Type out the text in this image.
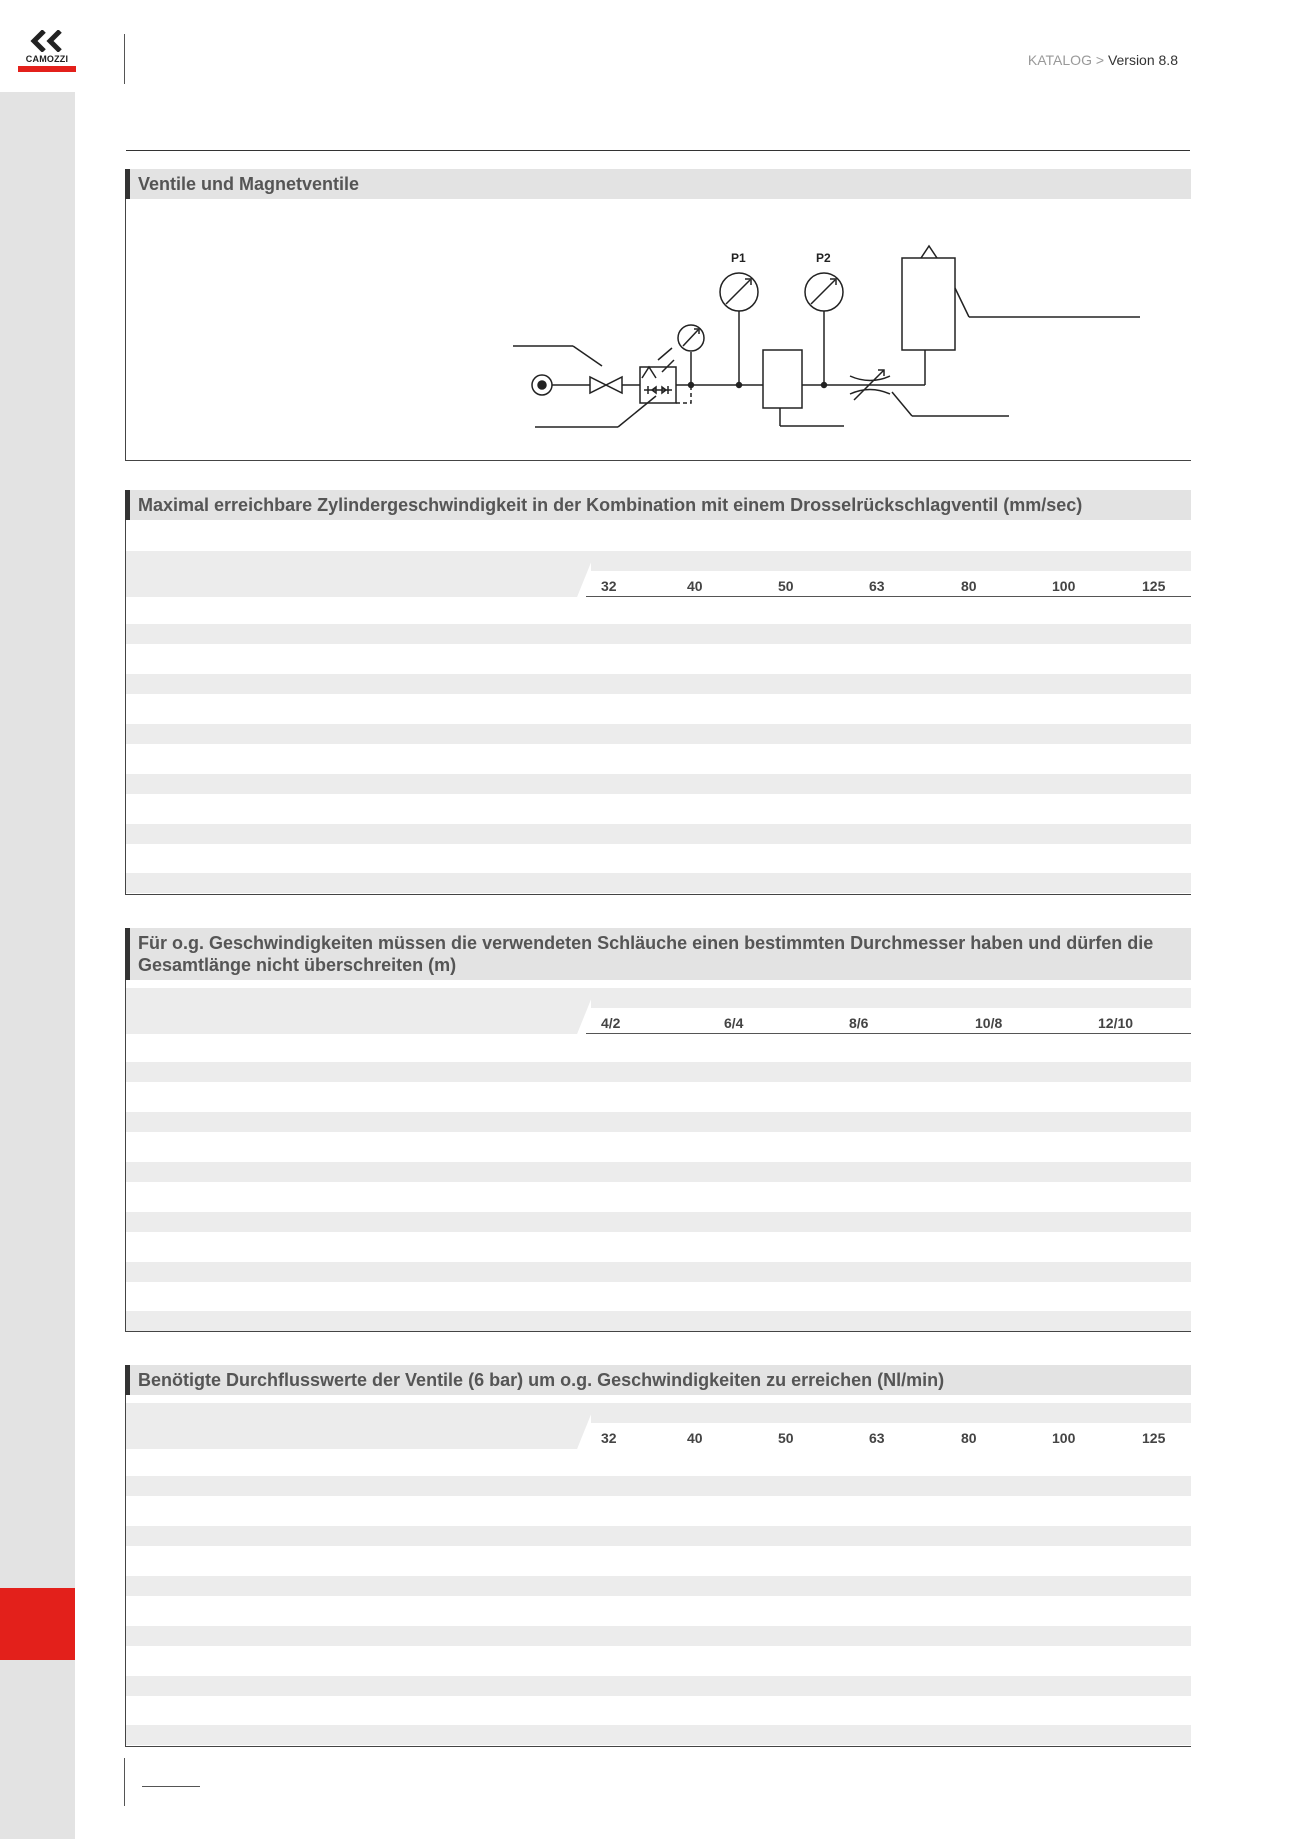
CAMOZZI	KATALOG > Version 8.8
Ventile und Magnetventile
P1	P2
Maximal erreichbare Zylindergeschwindigkeit in der Kombination mit einem Drosselrückschlagventil (mm/sec)
32	40	50	63	80	100	125
Für o.g. Geschwindigkeiten müssen die verwendeten Schläuche einen bestimmten Durchmesser haben und dürfen die Gesamtlänge nicht überschreiten (m)
4/2	6/4	8/6	10/8	12/10
Benötigte Durchflusswerte der Ventile (6 bar) um o.g. Geschwindigkeiten zu erreichen (Nl/min)
32	40	50	63	80	100	125
